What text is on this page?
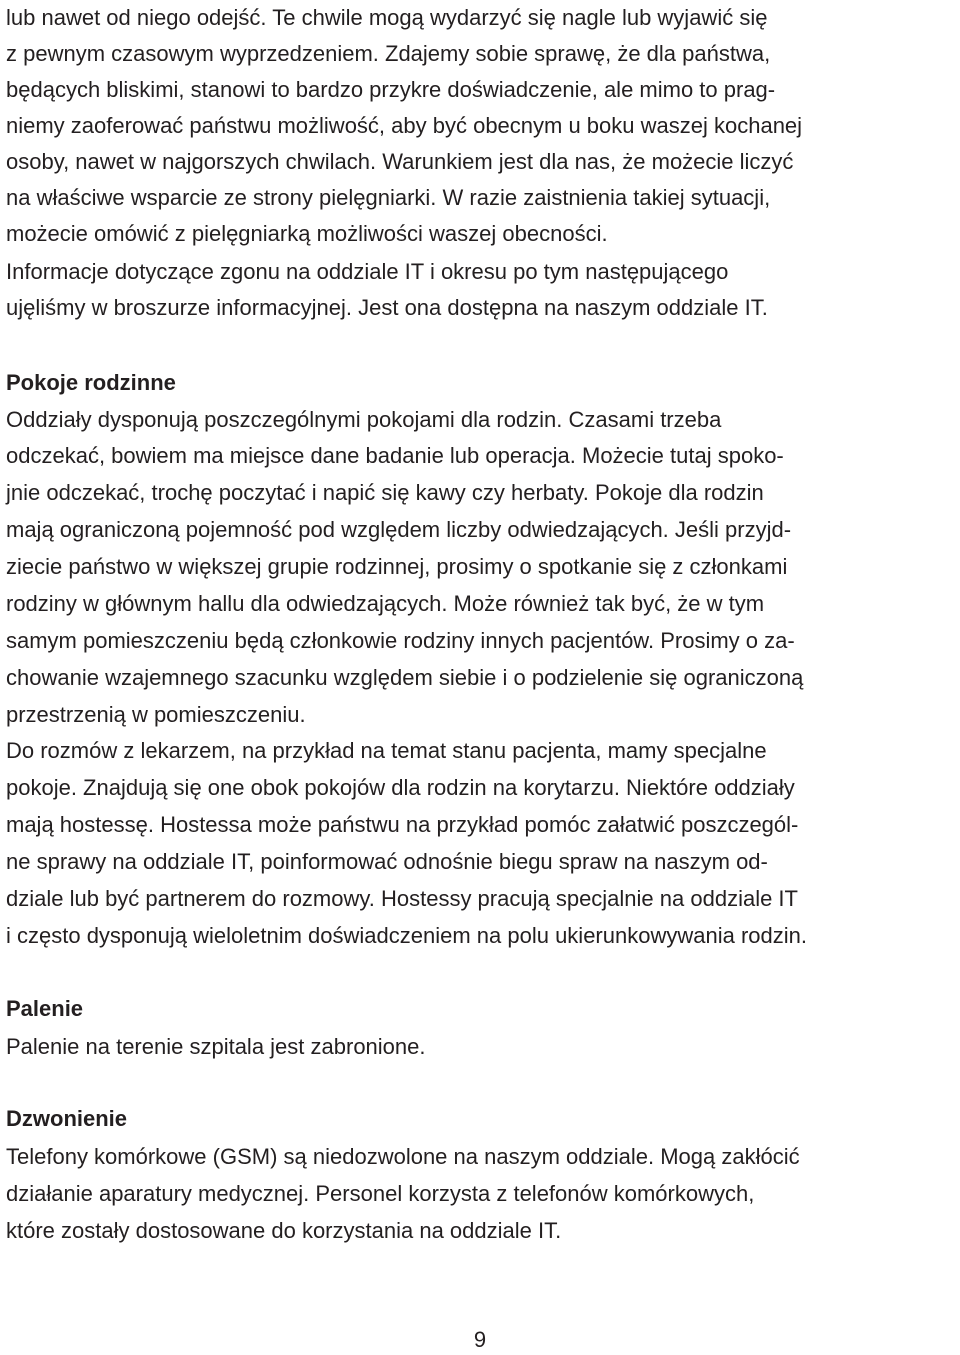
lub nawet od niego odejść. Te chwile mogą wydarzyć się nagle lub wyjawić się
z pewnym czasowym wyprzedzeniem. Zdajemy sobie sprawę, że dla państwa,
będących bliskimi, stanowi to bardzo przykre doświadczenie, ale mimo to prag-
niemy zaoferować państwu możliwość, aby być obecnym u boku waszej kochanej
osoby, nawet w najgorszych chwilach. Warunkiem jest dla nas, że możecie liczyć
na właściwe wsparcie ze strony pielęgniarki. W razie zaistnienia takiej sytuacji,
możecie omówić z pielęgniarką możliwości waszej obecności.
Informacje dotyczące zgonu na oddziale IT i okresu po tym następującego
ujęliśmy w broszurze informacyjnej. Jest ona dostępna na naszym oddziale IT.
Pokoje rodzinne
Oddziały dysponują poszczególnymi pokojami dla rodzin. Czasami trzeba
odczekać, bowiem ma miejsce dane badanie lub operacja. Możecie tutaj spoko-
jnie odczekać, trochę poczytać i napić się kawy czy herbaty. Pokoje dla rodzin
mają ograniczoną pojemność pod względem liczby odwiedzających. Jeśli przyjd-
ziecie państwo w większej grupie rodzinnej, prosimy o spotkanie się z członkami
rodziny w głównym hallu dla odwiedzających. Może również tak być, że w tym
samym pomieszczeniu będą członkowie rodziny innych pacjentów. Prosimy o za-
chowanie wzajemnego szacunku względem siebie i o podzielenie się ograniczoną
przestrzenią w pomieszczeniu.
Do rozmów z lekarzem, na przykład na temat stanu pacjenta, mamy specjalne
pokoje. Znajdują się one obok pokojów dla rodzin na korytarzu. Niektóre oddziały
mają hostessę. Hostessa może państwu na przykład pomóc załatwić poszczegól-
ne sprawy na oddziale IT, poinformować odnośnie biegu spraw na naszym od-
dziale lub być partnerem do rozmowy. Hostessy pracują specjalnie na oddziale IT
i często dysponują wieloletnim doświadczeniem na polu ukierunkowywania rodzin.
Palenie
Palenie na terenie szpitala jest zabronione.
Dzwonienie
Telefony komórkowe (GSM) są niedozwolone na naszym oddziale. Mogą zakłócić
działanie aparatury medycznej. Personel korzysta z telefonów komórkowych,
które zostały dostosowane do korzystania na oddziale IT.
9
